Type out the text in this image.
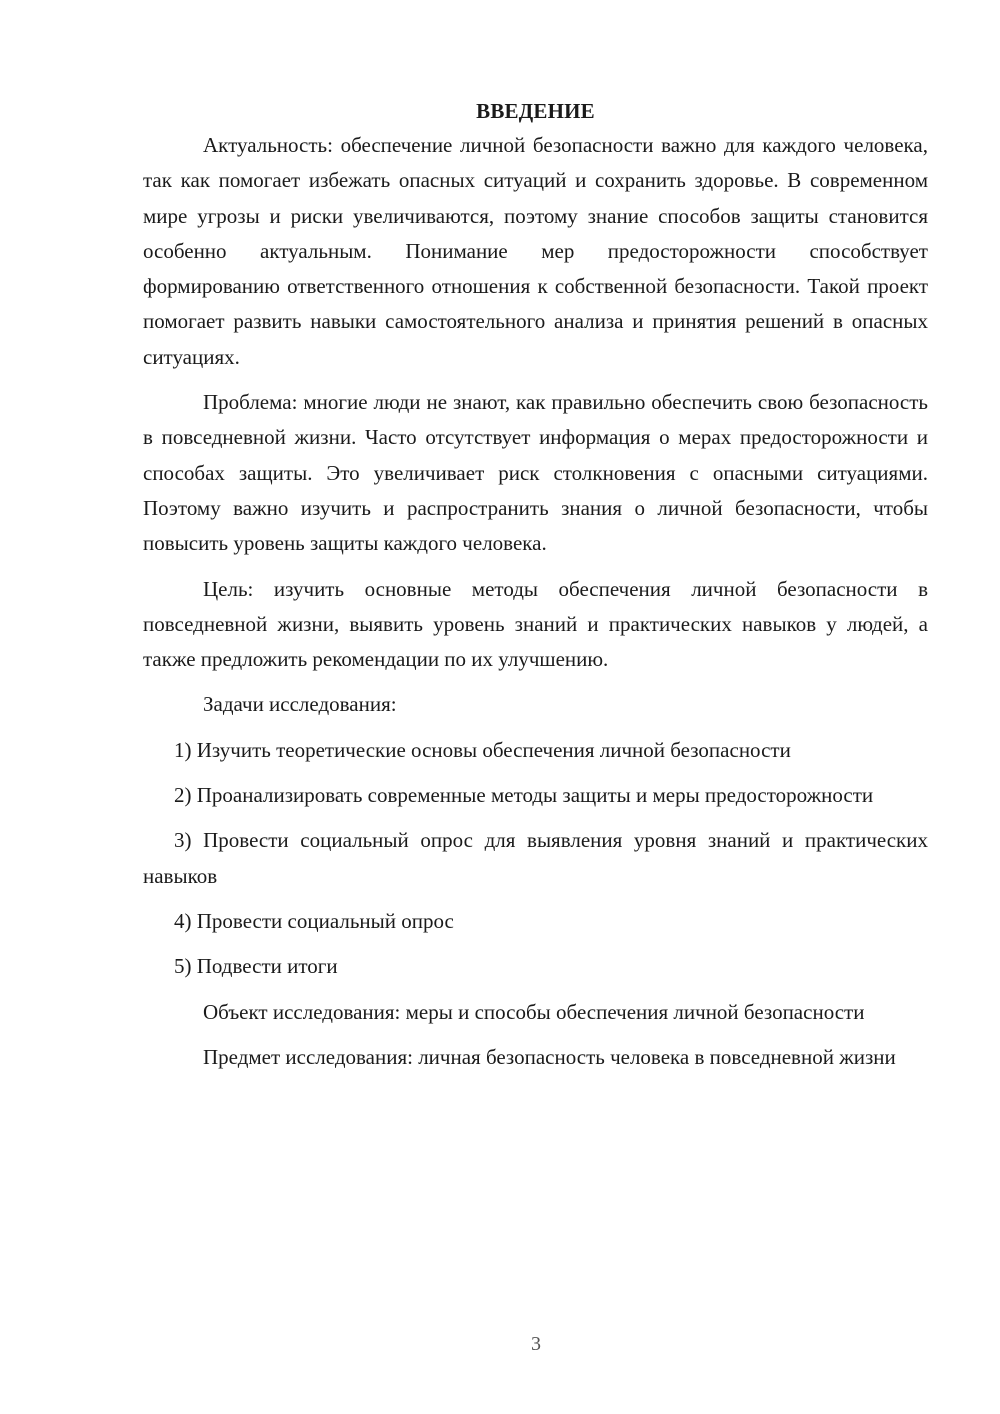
ВВЕДЕНИЕ

Актуальность: обеспечение личной безопасности важно для каждого человека, так как помогает избежать опасных ситуаций и сохранить здоровье. В современном мире угрозы и риски увеличиваются, поэтому знание способов защиты становится особенно актуальным. Понимание мер предосторожности способствует формированию ответственного отношения к собственной безопасности. Такой проект помогает развить навыки самостоятельного анализа и принятия решений в опасных ситуациях.

Проблема: многие люди не знают, как правильно обеспечить свою безопасность в повседневной жизни. Часто отсутствует информация о мерах предосторожности и способах защиты. Это увеличивает риск столкновения с опасными ситуациями. Поэтому важно изучить и распространить знания о личной безопасности, чтобы повысить уровень защиты каждого человека.

Цель: изучить основные методы обеспечения личной безопасности в повседневной жизни, выявить уровень знаний и практических навыков у людей, а также предложить рекомендации по их улучшению.

Задачи исследования:

1) Изучить теоретические основы обеспечения личной безопасности

2) Проанализировать современные методы защиты и меры предосторожности

3) Провести социальный опрос для выявления уровня знаний и практических навыков

4) Провести социальный опрос

5) Подвести итоги

Объект исследования: меры и способы обеспечения личной безопасности

Предмет исследования: личная безопасность человека в повседневной жизни

3
